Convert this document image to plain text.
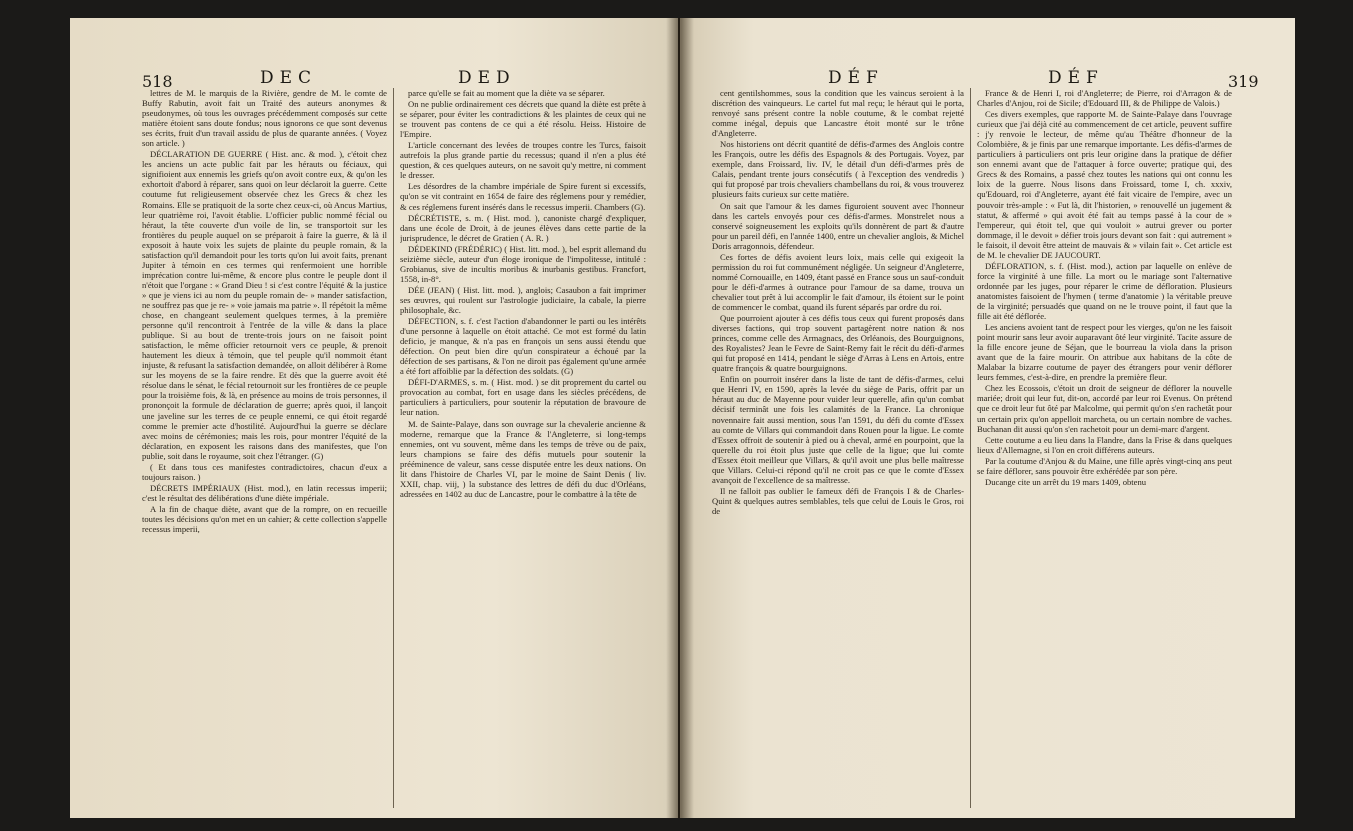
518	DEC	DED

lettres de M. le marquis de la Rivière, gendre de M. le comte de Buffy Rabutin, avoit fait un Traité des auteurs anonymes & pseudonymes, où tous les ouvrages précédemment composés sur cette matière étoient sans doute fondus; nous ignorons ce que sont devenus ses écrits, fruit d'un travail assidu de plus de quarante années. ( Voyez son article. )

DÉCLARATION DE GUERRE ( Hist. anc. & mod. ), c'étoit chez les anciens un acte public fait par les hérauts ou féciaux, qui signifioient aux ennemis les griefs qu'on avoit contre eux, & qu'on les exhortoit d'abord à réparer, sans quoi on leur déclaroit la guerre. Cette coutume fut religieusement observée chez les Grecs & chez les Romains. Elle se pratiquoit de la sorte chez ceux-ci, où Ancus Martius, leur quatrième roi, l'avoit établie. L'officier public nommé fécial ou héraut, la tête couverte d'un voile de lin, se transportoit sur les frontières du peuple auquel on se préparoit à faire la guerre, & là il exposoit à haute voix les sujets de plainte du peuple romain, & la satisfaction qu'il demandoit pour les torts qu'on lui avoit faits, prenant Jupiter à témoin en ces termes qui renfermoient une horrible imprécation contre lui-même, & encore plus contre le peuple dont il n'étoit que l'organe : « Grand Dieu ! si c'est contre l'équité & la justice » que je viens ici au nom du peuple romain de- » mander satisfaction, ne souffrez pas que je re- » voie jamais ma patrie ». Il répétoit la même chose, en changeant seulement quelques termes, à la première personne qu'il rencontroit à l'entrée de la ville & dans la place publique. Si au bout de trente-trois jours on ne faisoit point satisfaction, le même officier retournoit vers ce peuple, & prenoit hautement les dieux à témoin, que tel peuple qu'il nommoit étant injuste, & refusant la satisfaction demandée, on alloit délibérer à Rome sur les moyens de se la faire rendre. Et dès que la guerre avoit été résolue dans le sénat, le fécial retournoit sur les frontières de ce peuple pour la troisième fois, & là, en présence au moins de trois personnes, il prononçoit la formule de déclaration de guerre; après quoi, il lançoit une javeline sur les terres de ce peuple ennemi, ce qui étoit regardé comme le premier acte d'hostilité. Aujourd'hui la guerre se déclare avec moins de cérémonies; mais les rois, pour montrer l'équité de la déclaration, en exposent les raisons dans des manifestes, que l'on publie, soit dans le royaume, soit chez l'étranger. (G)

( Et dans tous ces manifestes contradictoires, chacun d'eux a toujours raison. )

DÉCRETS IMPÉRIAUX (Hist. mod.), en latin recessus imperii; c'est le résultat des délibérations d'une diète impériale.

A la fin de chaque diète, avant que de la rompre, on en recueille toutes les décisions qu'on met en un cahier; & cette collection s'appelle recessus imperii,

parce qu'elle se fait au moment que la diète va se séparer.

On ne publie ordinairement ces décrets que quand la diète est prête à se séparer, pour éviter les contradictions & les plaintes de ceux qui ne se trouvent pas contens de ce qui a été résolu. Heiss. Histoire de l'Empire.

L'article concernant des levées de troupes contre les Turcs, faisoit autrefois la plus grande partie du recessus; quand il n'en a plus été question, & ces quelques auteurs, on ne savoit qu'y mettre, ni comment le dresser.

Les désordres de la chambre impériale de Spire furent si excessifs, qu'on se vit contraint en 1654 de faire des réglemens pour y remédier, & ces réglemens furent insérés dans le recessus imperii. Chambers (G).

DÉCRÉTISTE, s. m. ( Hist. mod. ), canoniste chargé d'expliquer, dans une école de Droit, à de jeunes élèves dans cette partie de la jurisprudence, le décret de Gratien ( A. R. )

DÉDEKIND (FRÉDÉRIC) ( Hist. litt. mod. ), bel esprit allemand du seizième siècle, auteur d'un éloge ironique de l'impolitesse, intitulé : Grobianus, sive de incultis moribus & inurbanis gestibus. Francfort, 1558, in-8°.

DÉE (JEAN) ( Hist. litt. mod. ), anglois; Casaubon a fait imprimer ses œuvres, qui roulent sur l'astrologie judiciaire, la cabale, la pierre philosophale, &c.

DÉFECTION, s. f. c'est l'action d'abandonner le parti ou les intérêts d'une personne à laquelle on étoit attaché. Ce mot est formé du latin deficio, je manque, & n'a pas en françois un sens aussi étendu que défection. On peut bien dire qu'un conspirateur a échoué par la défection de ses partisans, & l'on ne diroit pas également qu'une armée a été fort affoiblie par la défection des soldats. (G)

DÉFI-D'ARMES, s. m. ( Hist. mod. ) se dit proprement du cartel ou provocation au combat, fort en usage dans les siècles précédens, de particuliers à particuliers, pour soutenir la réputation de bravoure de leur nation.

M. de Sainte-Palaye, dans son ouvrage sur la chevalerie ancienne & moderne, remarque que la France & l'Angleterre, si long-temps ennemies, ont vu souvent, même dans les temps de trève ou de paix, leurs champions se faire des défis mutuels pour soutenir la prééminence de valeur, sans cesse disputée entre les deux nations. On lit dans l'histoire de Charles VI, par le moine de Saint Denis ( liv. XXII, chap. viij, ) la substance des lettres de défi du duc d'Orléans, adressées en 1402 au duc de Lancastre, pour le combattre à la tête de

DÉF	DÉF	319

cent gentilshommes, sous la condition que les vaincus seroient à la discrétion des vainqueurs. Le cartel fut mal reçu; le héraut qui le porta, renvoyé sans présent contre la noble coutume, & le combat rejetté comme inégal, depuis que Lancastre étoit monté sur le trône d'Angleterre.

Nos historiens ont décrit quantité de défis-d'armes des Anglois contre les François, outre les défis des Espagnols & des Portugais. Voyez, par exemple, dans Froissard, liv. IV, le détail d'un défi-d'armes près de Calais, pendant trente jours consécutifs ( à l'exception des vendredis ) qui fut proposé par trois chevaliers chambellans du roi, & vous trouverez plusieurs faits curieux sur cette matière.

On sait que l'amour & les dames figuroient souvent avec l'honneur dans les cartels envoyés pour ces défis-d'armes. Monstrelet nous a conservé soigneusement les exploits qu'ils donnèrent de part & d'autre pour un pareil défi, en l'année 1400, entre un chevalier anglois, & Michel Doris arragonnois, défendeur.

Ces fortes de défis avoient leurs loix, mais celle qui exigeoit la permission du roi fut communément négligée. Un seigneur d'Angleterre, nommé Cornouaille, en 1409, étant passé en France sous un sauf-conduit pour le défi-d'armes à outrance pour l'amour de sa dame, trouva un chevalier tout prêt à lui accomplir le fait d'amour, ils étoient sur le point de commencer le combat, quand ils furent séparés par ordre du roi.

Que pourroient ajouter à ces défis tous ceux qui furent proposés dans diverses factions, qui trop souvent partagèrent notre nation & nos princes, comme celle des Armagnacs, des Orléanois, des Bourguignons, des Royalistes? Jean le Fevre de Saint-Remy fait le récit du défi-d'armes qui fut proposé en 1414, pendant le siège d'Arras à Lens en Artois, entre quatre françois & quatre bourguignons.

Enfin on pourroit insérer dans la liste de tant de défis-d'armes, celui que Henri IV, en 1590, après la levée du siège de Paris, offrit par un héraut au duc de Mayenne pour vuider leur querelle, afin qu'un combat décisif terminât une fois les calamités de la France. La chronique novennaire fait aussi mention, sous l'an 1591, du défi du comte d'Essex au comte de Villars qui commandoit dans Rouen pour la ligue. Le comte d'Essex offroit de soutenir à pied ou à cheval, armé en pourpoint, que la querelle du roi étoit plus juste que celle de la ligue; que lui comte d'Essex étoit meilleur que Villars, & qu'il avoit une plus belle maîtresse que Villars. Celui-ci répond qu'il ne croit pas ce que le comte d'Essex avançoit de l'excellence de sa maîtresse.

Il ne falloit pas oublier le fameux défi de François I & de Charles-Quint & quelques autres semblables, tels que celui de Louis le Gros, roi de

France & de Henri I, roi d'Angleterre; de Pierre, roi d'Arragon & de Charles d'Anjou, roi de Sicile; d'Edouard III, & de Philippe de Valois.)

Ces divers exemples, que rapporte M. de Sainte-Palaye dans l'ouvrage curieux que j'ai déjà cité au commencement de cet article, peuvent suffire : j'y renvoie le lecteur, de même qu'au Théâtre d'honneur de la Colombière, & je finis par une remarque importante. Les défis-d'armes de particuliers à particuliers ont pris leur origine dans la pratique de défier son ennemi avant que de l'attaquer à force ouverte; pratique qui, des Grecs & des Romains, a passé chez toutes les nations qui ont connu les loix de la guerre. Nous lisons dans Froissard, tome I, ch. xxxiv, qu'Edouard, roi d'Angleterre, ayant été fait vicaire de l'empire, avec un pouvoir très-ample : « Fut là, dit l'historien, » renouvellé un jugement & statut, & affermé » qui avoit été fait au temps passé à la cour de » l'empereur, qui étoit tel, que qui vouloit » autrui grever ou porter dommage, il le devoit » défier trois jours devant son fait : qui autrement » le faisoit, il devoit être atteint de mauvais & » vilain fait ». Cet article est de M. le chevalier DE JAUCOURT.

DÉFLORATION, s. f. (Hist. mod.), action par laquelle on enlève de force la virginité à une fille. La mort ou le mariage sont l'alternative ordonnée par les juges, pour réparer le crime de défloration. Plusieurs anatomistes faisoient de l'hymen ( terme d'anatomie ) la véritable preuve de la virginité; persuadés que quand on ne le trouve point, il faut que la fille ait été déflorée.

Les anciens avoient tant de respect pour les vierges, qu'on ne les faisoit point mourir sans leur avoir auparavant ôté leur virginité. Tacite assure de la fille encore jeune de Séjan, que le bourreau la viola dans la prison avant que de la faire mourir. On attribue aux habitans de la côte de Malabar la bizarre coutume de payer des étrangers pour venir déflorer leurs femmes, c'est-à-dire, en prendre la première fleur.

Chez les Ecossois, c'étoit un droit de seigneur de déflorer la nouvelle mariée; droit qui leur fut, dit-on, accordé par leur roi Evenus. On prétend que ce droit leur fut ôté par Malcolme, qui permit qu'on s'en rachetât pour un certain prix qu'on appelloit marcheta, ou un certain nombre de vaches. Buchanan dit aussi qu'on s'en rachetoit pour un demi-marc d'argent.

Cette coutume a eu lieu dans la Flandre, dans la Frise & dans quelques lieux d'Allemagne, si l'on en croit différens auteurs.

Par la coutume d'Anjou & du Maine, une fille après vingt-cinq ans peut se faire déflorer, sans pouvoir être exhérédée par son père.

Ducange cite un arrêt du 19 mars 1409, obtenu
